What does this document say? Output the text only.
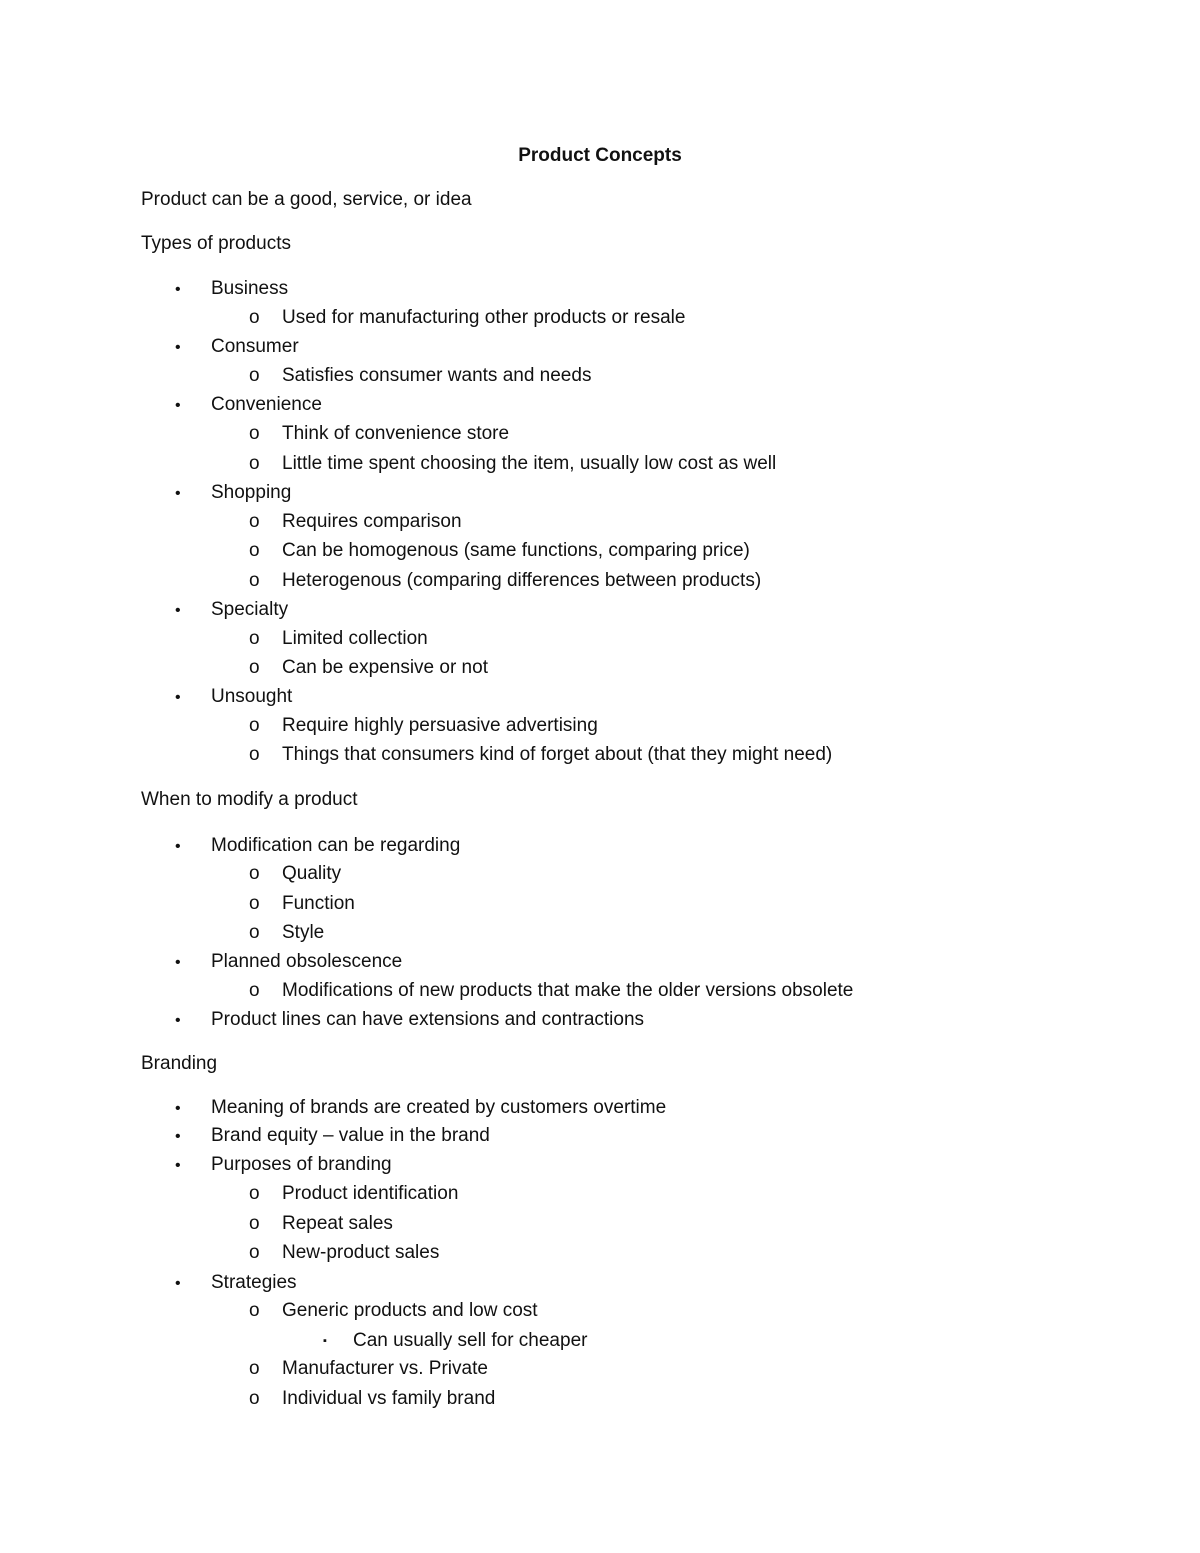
Product Concepts
Product can be a good, service, or idea
Types of products
• Business
o Used for manufacturing other products or resale
• Consumer
o Satisfies consumer wants and needs
• Convenience
o Think of convenience store
o Little time spent choosing the item, usually low cost as well
• Shopping
o Requires comparison
o Can be homogenous (same functions, comparing price)
o Heterogenous (comparing differences between products)
• Specialty
o Limited collection
o Can be expensive or not
• Unsought
o Require highly persuasive advertising
o Things that consumers kind of forget about (that they might need)
When to modify a product
• Modification can be regarding
o Quality
o Function
o Style
• Planned obsolescence
o Modifications of new products that make the older versions obsolete
• Product lines can have extensions and contractions
Branding
• Meaning of brands are created by customers overtime
• Brand equity – value in the brand
• Purposes of branding
o Product identification
o Repeat sales
o New-product sales
• Strategies
o Generic products and low cost
▪ Can usually sell for cheaper
o Manufacturer vs. Private
o Individual vs family brand
